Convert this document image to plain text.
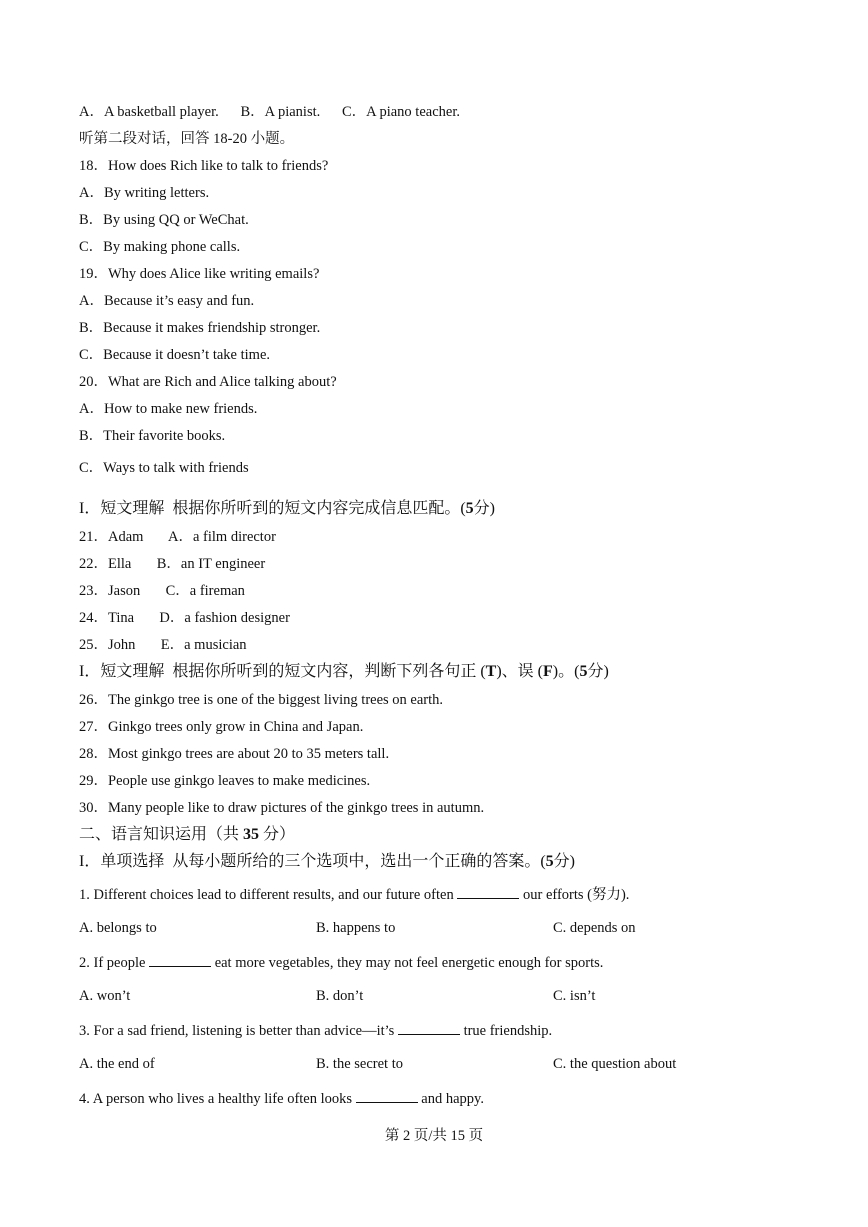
A．A basketball player.      B．A pianist.      C．A piano teacher.
听第二段对话，回答 18-20 小题。
18．How does Rich like to talk to friends?
A．By writing letters.
B．By using QQ or WeChat.
C．By making phone calls.
19．Why does Alice like writing emails?
A．Because it’s easy and fun.
B．Because it makes friendship stronger.
C．Because it doesn’t take time.
20．What are Rich and Alice talking about?
A．How to make new friends.
B．Their favorite books.
C．Ways to talk with friends
I．短文理解  根据你所听到的短文内容完成信息匹配。(5分)
21．Adam       A．a film director
22．Ella       B．an IT engineer
23．Jason       C．a fireman
24．Tina       D．a fashion designer
25．John       E．a musician
I．短文理解  根据你所听到的短文内容，判断下列各句正 (T)、误 (F)。(5分)
26．The ginkgo tree is one of the biggest living trees on earth.
27．Ginkgo trees only grow in China and Japan.
28．Most ginkgo trees are about 20 to 35 meters tall.
29．People use ginkgo leaves to make medicines.
30．Many people like to draw pictures of the ginkgo trees in autumn.
二、语言知识运用（共 35 分）
I．单项选择  从每小题所给的三个选项中，选出一个正确的答案。(5分)
1. Different choices lead to different results, and our future often	our efforts (努力).
A. belongs to	B. happens to	C. depends on
2. If people	eat more vegetables, they may not feel energetic enough for sports.
A. won’t	B. don’t	C. isn’t
3. For a sad friend, listening is better than advice—it’s	true friendship.
A. the end of	B. the secret to	C. the question about
4. A person who lives a healthy life often looks	and happy.
第 2 页/共 15 页
